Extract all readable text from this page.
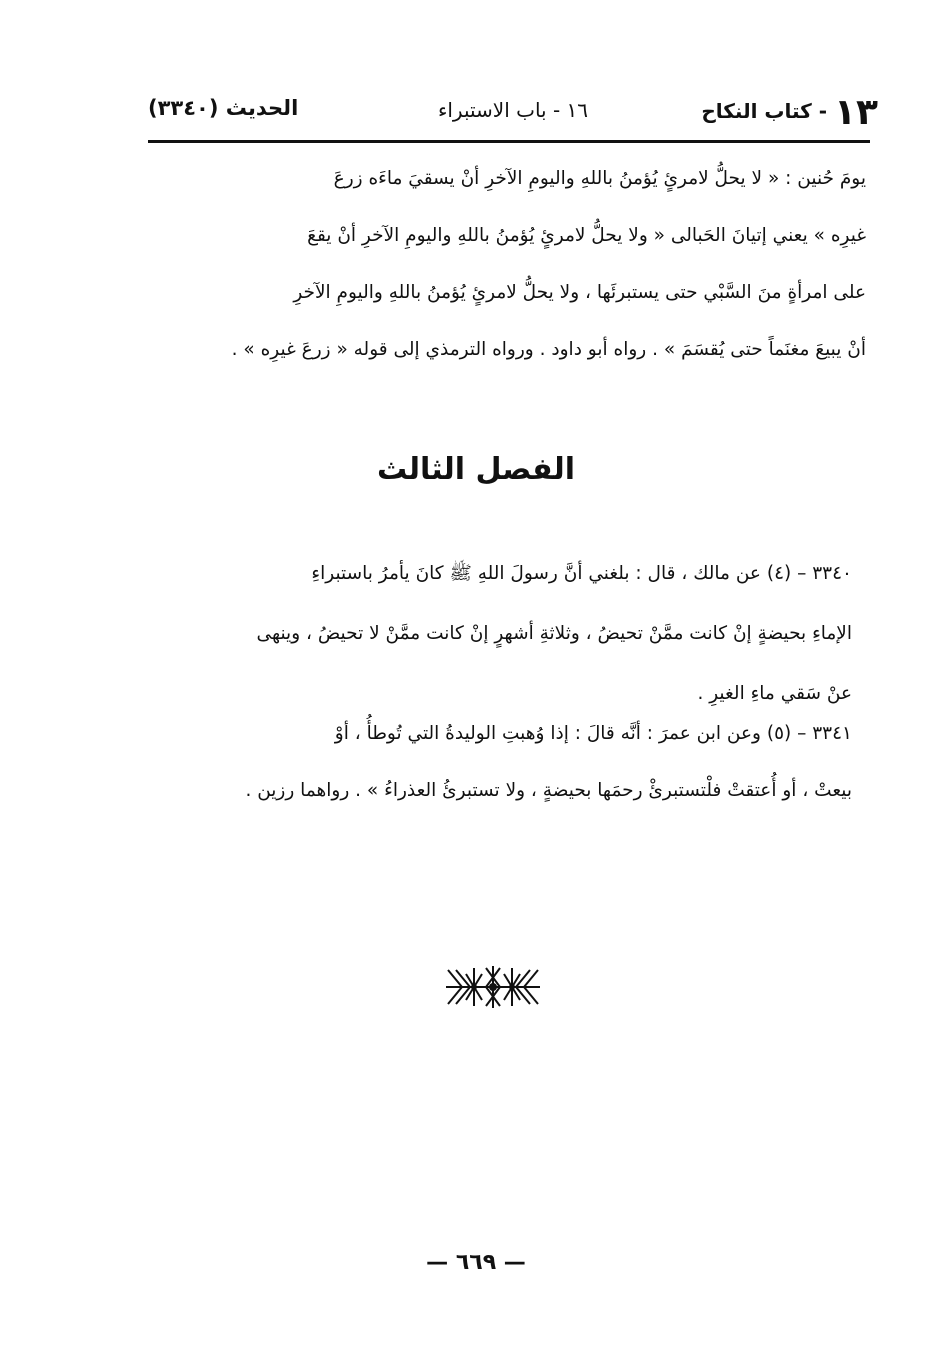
١٣ - كتاب النكاح
١٦ - باب الاستبراء
الحديث (٣٣٤٠)
يومَ حُنين : « لا يحلُّ لامرئٍ يُؤمنُ باللهِ واليومِ الآخرِ أنْ يسقيَ ماءَه زرعَ
غيرِه » يعني إتيانَ الحَبالى « ولا يحلُّ لامرئٍ يُؤمنُ باللهِ واليومِ الآخرِ أنْ يقعَ
على امرأةٍ منَ السَّبْي حتى يستبرئَها ، ولا يحلُّ لامرئٍ يُؤمنُ باللهِ واليومِ الآخرِ
أنْ يبيعَ مغنَماً حتى يُقسَمَ » . رواه أبو داود . ورواه الترمذي إلى قوله « زرعَ غيرِه » .
الفصل الثالث
٣٣٤٠ – (٤) عن مالك ، قال : بلغني أنَّ رسولَ اللهِ ﷺ كانَ يأمرُ باستبراءِ
الإماءِ بحيضةٍ إنْ كانت ممَّنْ تحيضُ ، وثلاثةِ أشهرٍ إنْ كانت ممَّنْ لا تحيضُ ، وينهى
عنْ سَقي ماءِ الغيرِ .
٣٣٤١ – (٥) وعن ابن عمرَ : أنَّه قالَ : إذا وُهبتِ الوليدةُ التي تُوطأُ ، أوْ
بيعتْ ، أو أُعتقتْ فلْتستبرئْ رحمَها بحيضةٍ ، ولا تستبرئُ العذراءُ » . رواهما رزين .
— ٦٦٩ —
